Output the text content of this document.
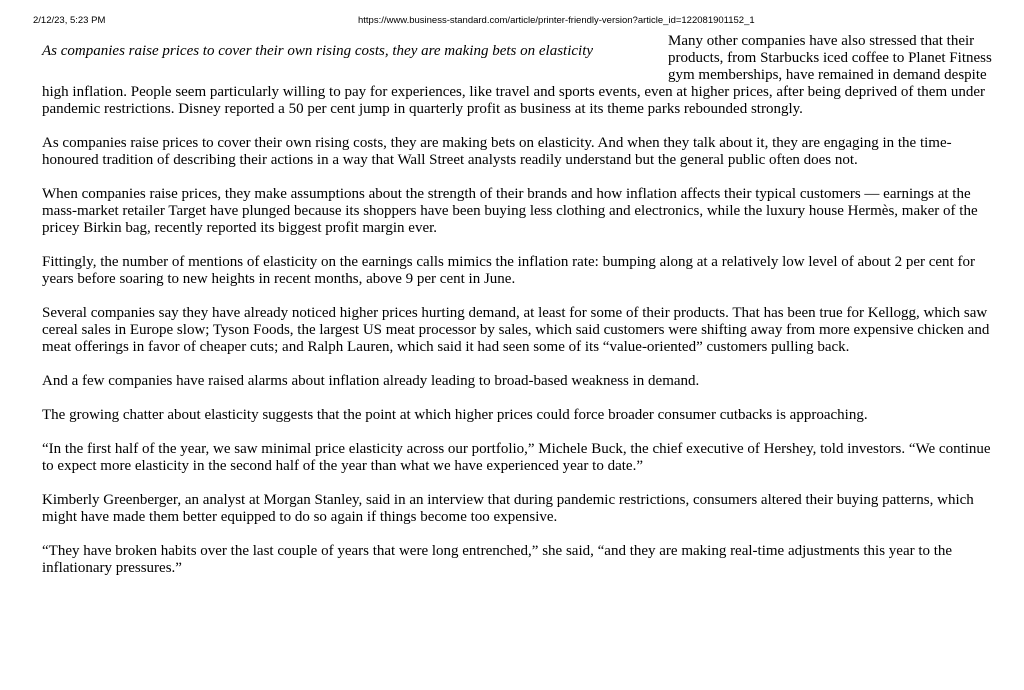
2/12/23, 5:23 PM	https://www.business-standard.com/article/printer-friendly-version?article_id=122081901152_1
As companies raise prices to cover their own rising costs, they are making bets on elasticity

Many other companies have also stressed that their products, from Starbucks iced coffee to Planet Fitness gym memberships, have remained in demand despite high inflation. People seem particularly willing to pay for experiences, like travel and sports events, even at higher prices, after being deprived of them under pandemic restrictions. Disney reported a 50 per cent jump in quarterly profit as business at its theme parks rebounded strongly.

As companies raise prices to cover their own rising costs, they are making bets on elasticity. And when they talk about it, they are engaging in the time-honoured tradition of describing their actions in a way that Wall Street analysts readily understand but the general public often does not.

When companies raise prices, they make assumptions about the strength of their brands and how inflation affects their typical customers — earnings at the mass-market retailer Target have plunged because its shoppers have been buying less clothing and electronics, while the luxury house Hermès, maker of the pricey Birkin bag, recently reported its biggest profit margin ever.

Fittingly, the number of mentions of elasticity on the earnings calls mimics the inflation rate: bumping along at a relatively low level of about 2 per cent for years before soaring to new heights in recent months, above 9 per cent in June.

Several companies say they have already noticed higher prices hurting demand, at least for some of their products. That has been true for Kellogg, which saw cereal sales in Europe slow; Tyson Foods, the largest US meat processor by sales, which said customers were shifting away from more expensive chicken and meat offerings in favor of cheaper cuts; and Ralph Lauren, which said it had seen some of its “value-oriented” customers pulling back.

And a few companies have raised alarms about inflation already leading to broad-based weakness in demand.

The growing chatter about elasticity suggests that the point at which higher prices could force broader consumer cutbacks is approaching.

“In the first half of the year, we saw minimal price elasticity across our portfolio,” Michele Buck, the chief executive of Hershey, told investors. “We continue to expect more elasticity in the second half of the year than what we have experienced year to date.”

Kimberly Greenberger, an analyst at Morgan Stanley, said in an interview that during pandemic restrictions, consumers altered their buying patterns, which might have made them better equipped to do so again if things become too expensive.

“They have broken habits over the last couple of years that were long entrenched,” she said, “and they are making real-time adjustments this year to the inflationary pressures.”
